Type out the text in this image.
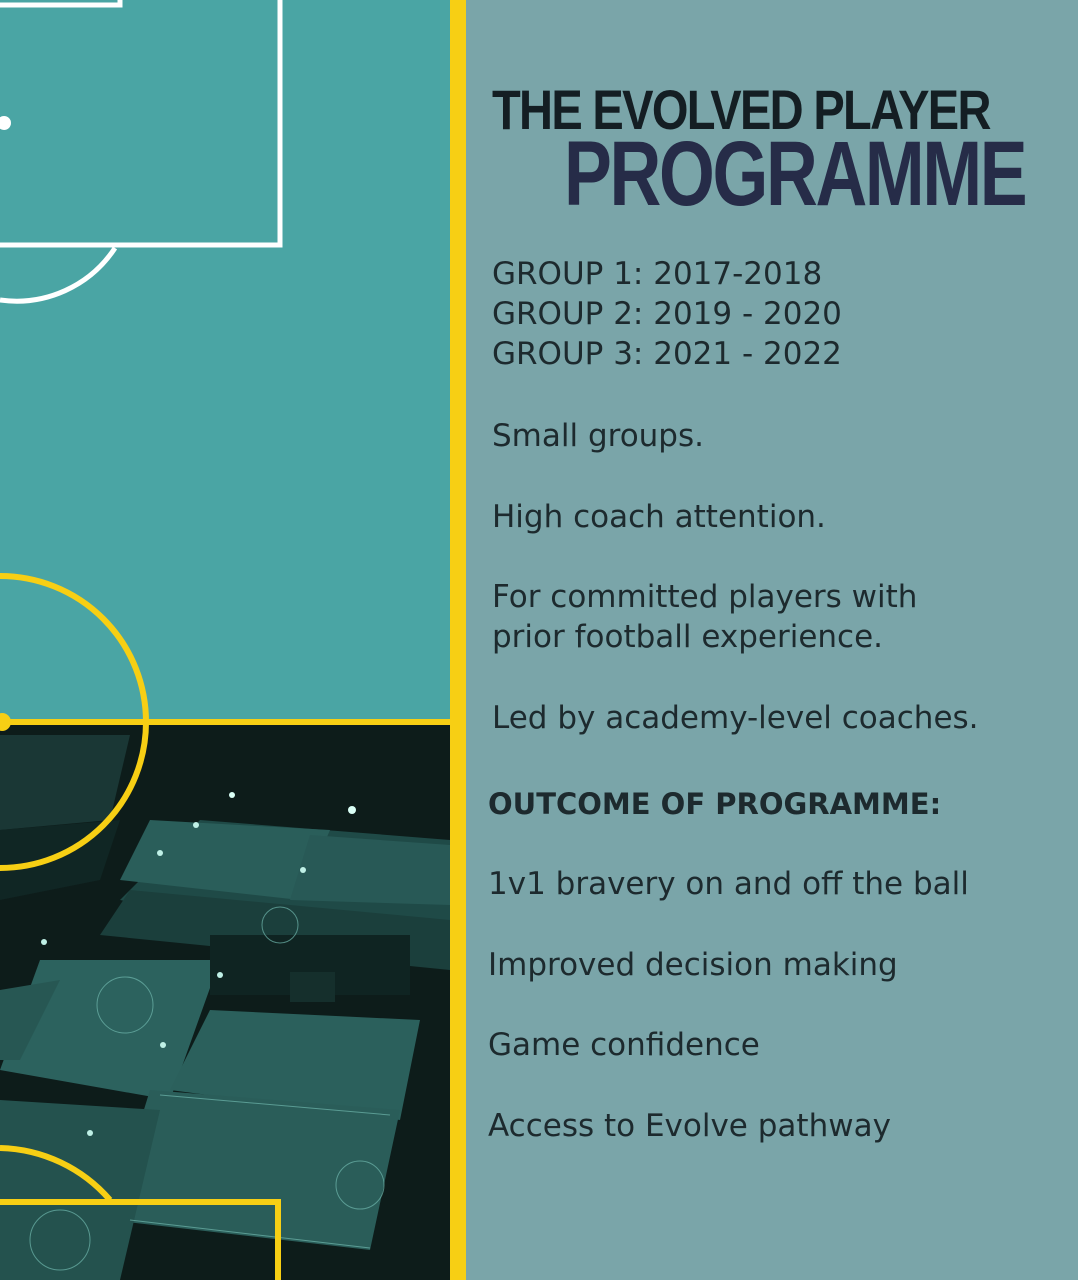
THE EVOLVED PLAYER
PROGRAMME
GROUP 1: 2017-2018
GROUP 2: 2019 - 2020
GROUP 3: 2021 - 2022
Small groups.
High coach attention.
For committed players with
prior football experience.
Led by academy-level coaches.
OUTCOME OF PROGRAMME:
1v1 bravery on and off the ball
Improved decision making
Game confidence
Access to Evolve pathway
